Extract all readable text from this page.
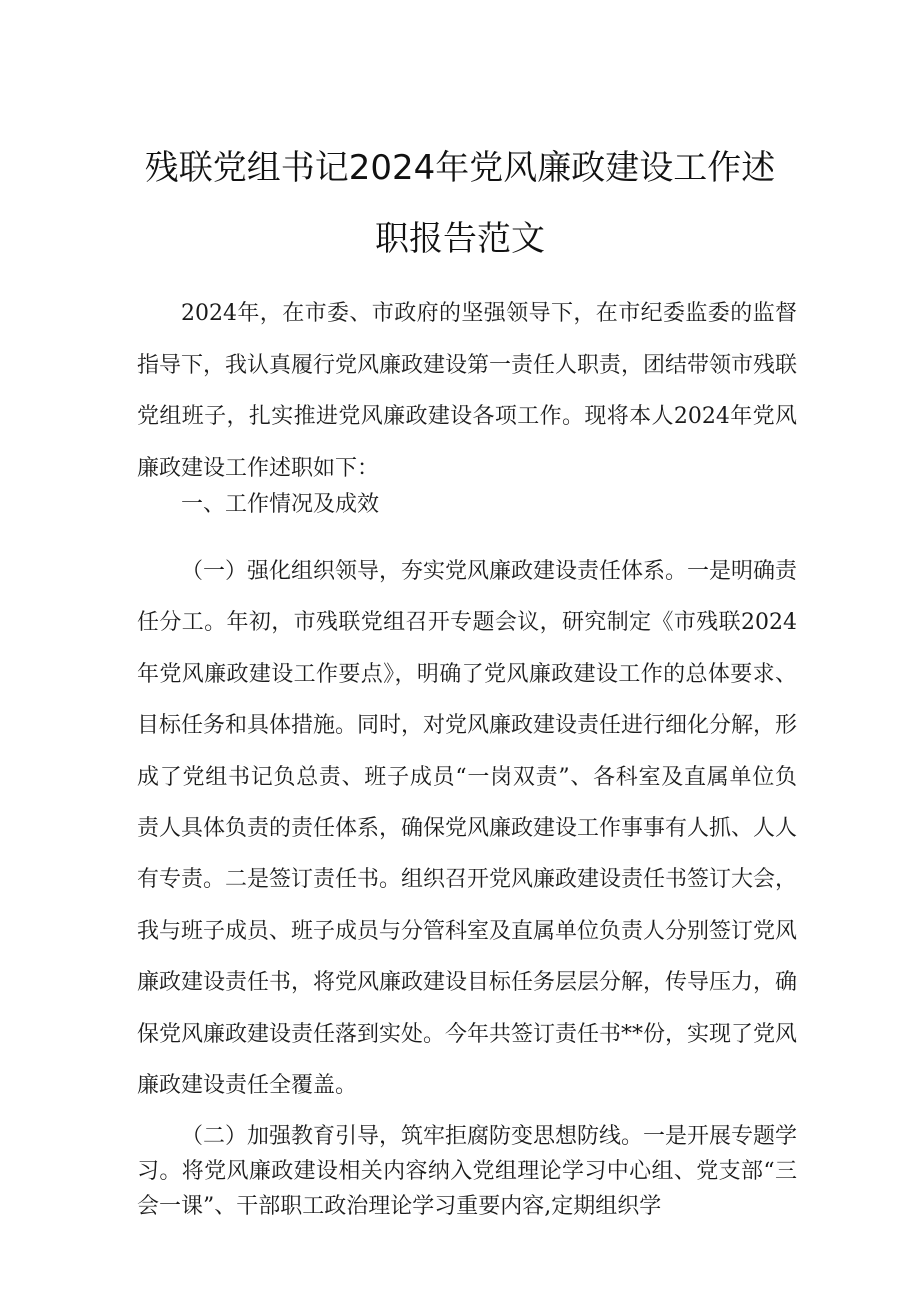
残联党组书记2024年党风廉政建设工作述
职报告范文

2024年，在市委、市政府的坚强领导下，在市纪委监委的监督指导下，我认真履行党风廉政建设第一责任人职责，团结带领市残联党组班子，扎实推进党风廉政建设各项工作。现将本人2024年党风廉政建设工作述职如下：

一、工作情况及成效

（一）强化组织领导，夯实党风廉政建设责任体系。一是明确责任分工。年初，市残联党组召开专题会议，研究制定《市残联2024年党风廉政建设工作要点》，明确了党风廉政建设工作的总体要求、目标任务和具体措施。同时，对党风廉政建设责任进行细化分解，形成了党组书记负总责、班子成员“一岗双责”、各科室及直属单位负责人具体负责的责任体系，确保党风廉政建设工作事事有人抓、人人有专责。二是签订责任书。组织召开党风廉政建设责任书签订大会，我与班子成员、班子成员与分管科室及直属单位负责人分别签订党风廉政建设责任书，将党风廉政建设目标任务层层分解，传导压力，确保党风廉政建设责任落到实处。今年共签订责任书**份，实现了党风廉政建设责任全覆盖。

（二）加强教育引导，筑牢拒腐防变思想防线。一是开展专题学习。将党风廉政建设相关内容纳入党组理论学习中心组、党支部“三会一课”、干部职工政治理论学习重要内容,定期组织学
